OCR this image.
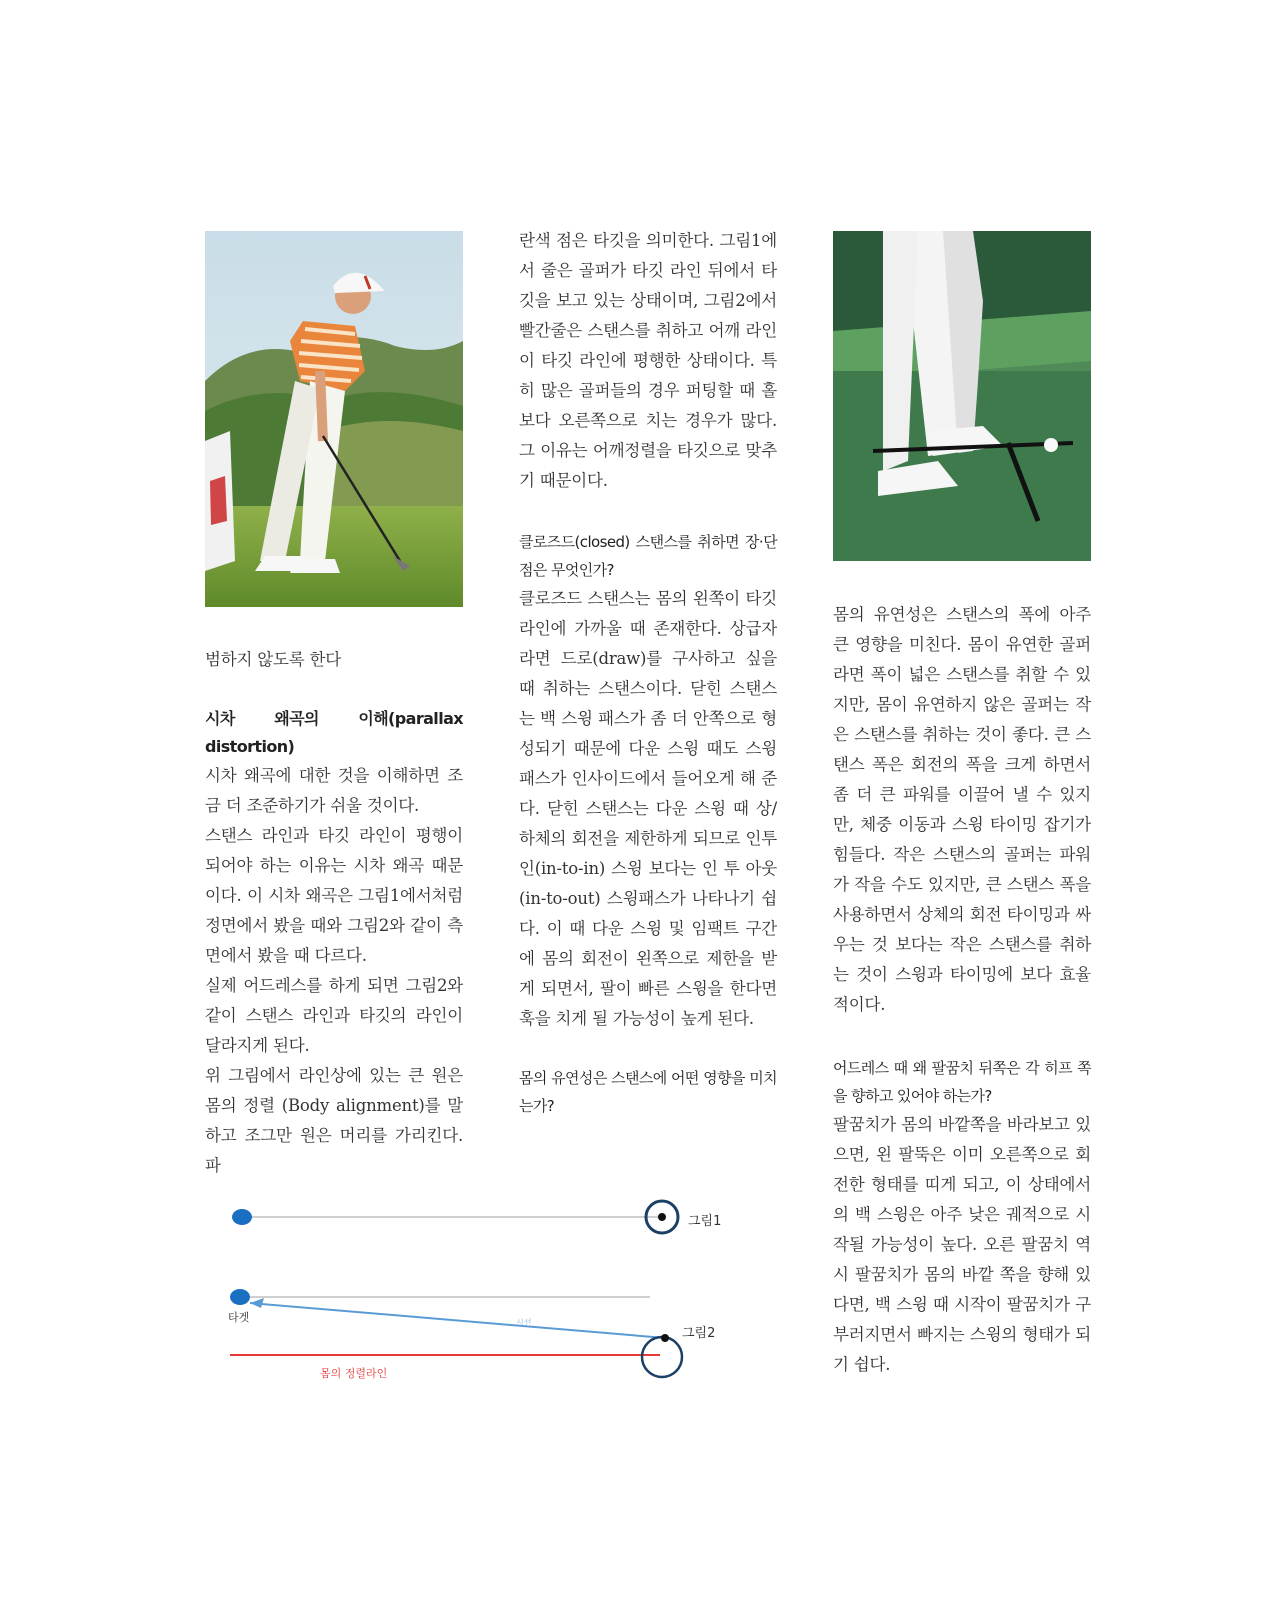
범하지 않도록 한다

시차 왜곡의 이해(parallax distortion)

시차 왜곡에 대한 것을 이해하면 조금 더 조준하기가 쉬울 것이다.

스탠스 라인과 타깃 라인이 평행이 되어야 하는 이유는 시차 왜곡 때문이다. 이 시차 왜곡은 그림1에서처럼 정면에서 봤을 때와 그림2와 같이 측면에서 봤을 때 다르다.

실제 어드레스를 하게 되면 그림2와 같이 스탠스 라인과 타깃의 라인이 달라지게 된다.

위 그림에서 라인상에 있는 큰 원은 몸의 정렬 (Body alignment)를 말하고 조그만 원은 머리를 가리킨다. 파

란색 점은 타깃을 의미한다. 그림1에서 줄은 골퍼가 타깃 라인 뒤에서 타깃을 보고 있는 상태이며, 그림2에서 빨간줄은 스탠스를 취하고 어깨 라인이 타깃 라인에 평행한 상태이다. 특히 많은 골퍼들의 경우 퍼팅할 때 홀보다 오른쪽으로 치는 경우가 많다. 그 이유는 어깨정렬을 타깃으로 맞추기 때문이다.

클로즈드(closed) 스탠스를 취하면 장·단점은 무엇인가?

클로즈드 스탠스는 몸의 왼쪽이 타깃 라인에 가까울 때 존재한다. 상급자라면 드로(draw)를 구사하고 싶을 때 취하는 스탠스이다. 닫힌 스탠스는 백 스윙 패스가 좀 더 안쪽으로 형성되기 때문에 다운 스윙 때도 스윙 패스가 인사이드에서 들어오게 해 준다. 닫힌 스탠스는 다운 스윙 때 상/하체의 회전을 제한하게 되므로 인투 인(in-to-in) 스윙 보다는 인 투 아웃(in-to-out) 스윙패스가 나타나기 쉽다. 이 때 다운 스윙 및 임팩트 구간에 몸의 회전이 왼쪽으로 제한을 받게 되면서, 팔이 빠른 스윙을 한다면 훅을 치게 될 가능성이 높게 된다.

몸의 유연성은 스탠스에 어떤 영향을 미치는가?

몸의 유연성은 스탠스의 폭에 아주 큰 영향을 미친다. 몸이 유연한 골퍼라면 폭이 넓은 스탠스를 취할 수 있지만, 몸이 유연하지 않은 골퍼는 작은 스탠스를 취하는 것이 좋다. 큰 스탠스 폭은 회전의 폭을 크게 하면서 좀 더 큰 파워를 이끌어 낼 수 있지만, 체중 이동과 스윙 타이밍 잡기가 힘들다. 작은 스탠스의 골퍼는 파워가 작을 수도 있지만, 큰 스탠스 폭을 사용하면서 상체의 회전 타이밍과 싸우는 것 보다는 작은 스탠스를 취하는 것이 스윙과 타이밍에 보다 효율적이다.

어드레스 때 왜 팔꿈치 뒤쪽은 각 히프 쪽을 향하고 있어야 하는가?

팔꿈치가 몸의 바깥쪽을 바라보고 있으면, 왼 팔뚝은 이미 오른쪽으로 회전한 형태를 띠게 되고, 이 상태에서의 백 스윙은 아주 낮은 궤적으로 시작될 가능성이 높다. 오른 팔꿈치 역시 팔꿈치가 몸의 바깥 쪽을 향해 있다면, 백 스윙 때 시작이 팔꿈치가 구부러지면서 빠지는 스윙의 형태가 되기 쉽다.

그림1
타겟	시선
그림2
몸의 정렬라인
